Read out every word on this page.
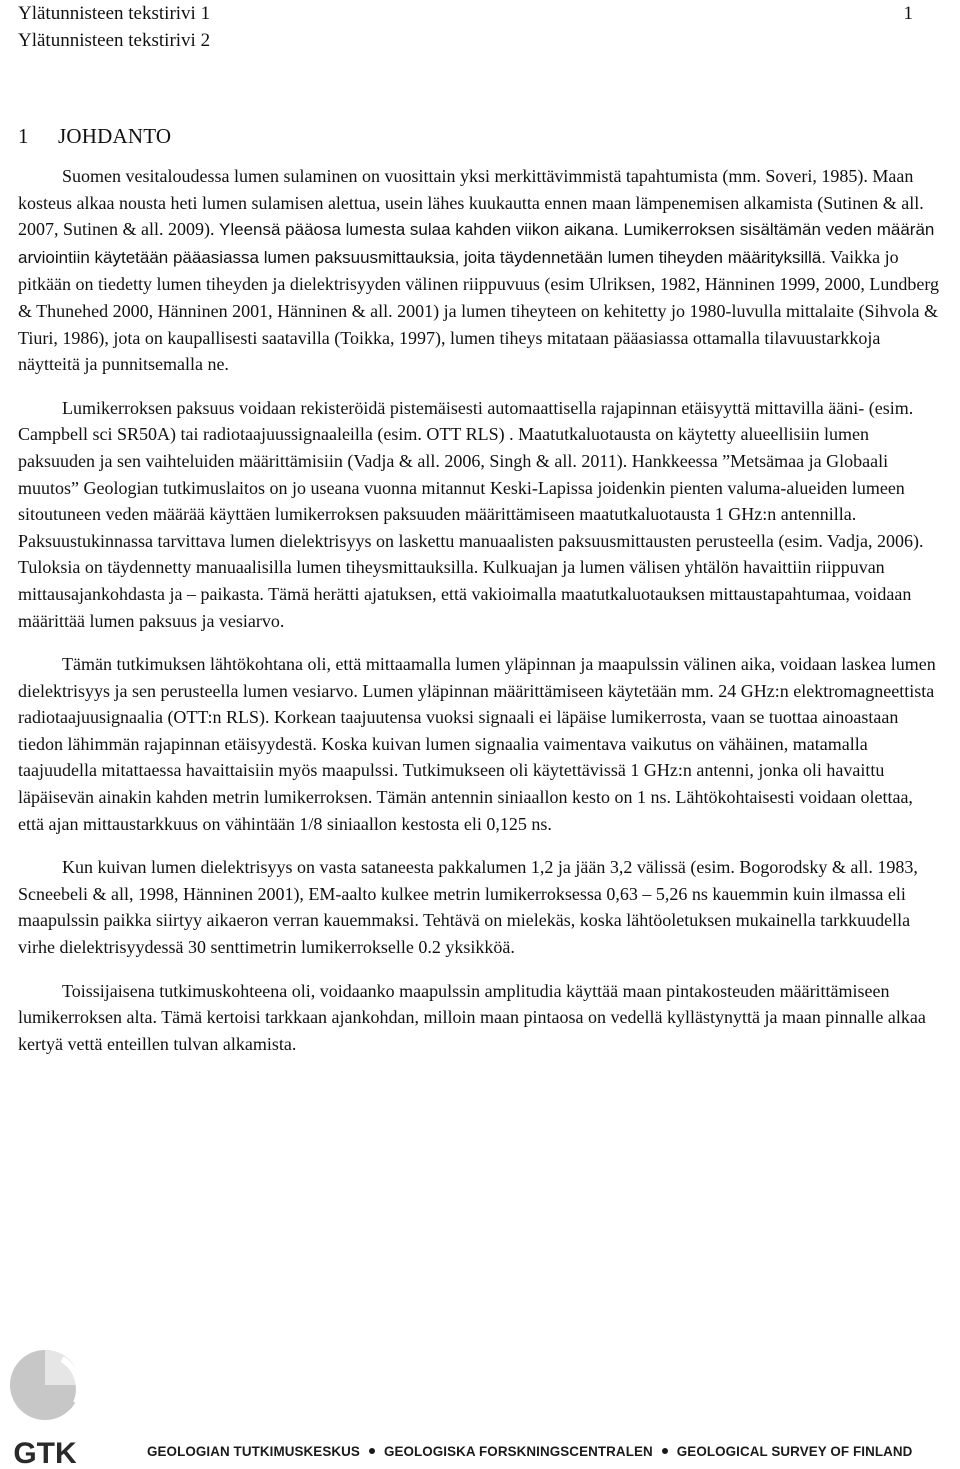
Ylätunnisteen tekstirivi 1
Ylätunnisteen tekstirivi 2
1
1 JOHDANTO

Suomen vesitaloudessa lumen sulaminen on vuosittain yksi merkittävimmistä tapahtumista (mm. Soveri, 1985). Maan kosteus alkaa nousta heti lumen sulamisen alettua, usein lähes kuukautta ennen maan lämpenemisen alkamista (Sutinen & all. 2007, Sutinen & all. 2009). Yleensä pääosa lumesta sulaa kahden viikon aikana. Lumikerroksen sisältämän veden määrän arviointiin käytetään pääasiassa lumen paksuusmittauksia, joita täydennetään lumen tiheyden määrityksillä. Vaikka jo pitkään on tiedetty lumen tiheyden ja dielektrisyyden välinen riippuvuus (esim Ulriksen, 1982, Hänninen 1999, 2000, Lundberg & Thunehed 2000, Hänninen 2001, Hänninen & all. 2001) ja lumen tiheyteen on kehitetty jo 1980-luvulla mittalaite (Sihvola & Tiuri, 1986), jota on kaupallisesti saatavilla (Toikka, 1997), lumen tiheys mitataan pääasiassa ottamalla tilavuustarkkoja näytteitä ja punnitsemalla ne.

Lumikerroksen paksuus voidaan rekisteröidä pistemäisesti automaattisella rajapinnan etäisyyttä mittavilla ääni- (esim. Campbell sci SR50A) tai radiotaajuussignaaleilla (esim. OTT RLS) . Maatutkaluotausta on käytetty alueellisiin lumen paksuuden ja sen vaihteluiden määrittämisiin (Vadja & all. 2006, Singh & all. 2011). Hankkeessa ”Metsämaa ja Globaali muutos” Geologian tutkimuslaitos on jo useana vuonna mitannut Keski-Lapissa joidenkin pienten valuma-alueiden lumeen sitoutuneen veden määrää käyttäen lumikerroksen paksuuden määrittämiseen maatutkaluotausta 1 GHz:n antennilla. Paksuustukinnassa tarvittava lumen dielektrisyys on laskettu manuaalisten paksuusmittausten perusteella (esim. Vadja, 2006). Tuloksia on täydennetty manuaalisilla lumen tiheysmittauksilla. Kulkuajan ja lumen välisen yhtälön havaittiin riippuvan mittausajankohdasta ja – paikasta. Tämä herätti ajatuksen, että vakioimalla maatutkaluotauksen mittaustapahtumaa, voidaan määrittää lumen paksuus ja vesiarvo.

Tämän tutkimuksen lähtökohtana oli, että mittaamalla lumen yläpinnan ja maapulssin välinen aika, voidaan laskea lumen dielektrisyys ja sen perusteella lumen vesiarvo. Lumen yläpinnan määrittämiseen käytetään mm. 24 GHz:n elektromagneettista radiotaajuusignaalia (OTT:n RLS). Korkean taajuutensa vuoksi signaali ei läpäise lumikerrosta, vaan se tuottaa ainoastaan tiedon lähimmän rajapinnan etäisyydestä. Koska kuivan lumen signaalia vaimentava vaikutus on vähäinen, matamalla taajuudella mitattaessa havaittaisiin myös maapulssi. Tutkimukseen oli käytettävissä 1 GHz:n antenni, jonka oli havaittu läpäisevän ainakin kahden metrin lumikerroksen. Tämän antennin siniaallon kesto on 1 ns. Lähtökohtaisesti voidaan olettaa, että ajan mittaustarkkuus on vähintään 1/8 siniaallon kestosta eli 0,125 ns.

Kun kuivan lumen dielektrisyys on vasta sataneesta pakkalumen 1,2 ja jään 3,2 välissä (esim. Bogorodsky & all. 1983, Scneebeli & all, 1998, Hänninen 2001), EM-aalto kulkee metrin lumikerroksessa 0,63 – 5,26 ns kauemmin kuin ilmassa eli maapulssin paikka siirtyy aikaeron verran kauemmaksi. Tehtävä on mielekäs, koska lähtöoletuksen mukainella tarkkuudella virhe dielektrisyydessä 30 senttimetrin lumikerrokselle 0.2 yksikköä.

Toissijaisena tutkimuskohteena oli, voidaanko maapulssin amplitudia käyttää maan pintakosteuden määrittämiseen lumikerroksen alta. Tämä kertoisi tarkkaan ajankohdan, milloin maan pintaosa on vedellä kyllästynyttä ja maan pinnalle alkaa kertyä vettä enteillen tulvan alkamista.

GTK	GEOLOGIAN TUTKIMUSKESKUS GEOLOGISKA FORSKNINGSCENTRALEN GEOLOGICAL SURVEY OF FINLAND
